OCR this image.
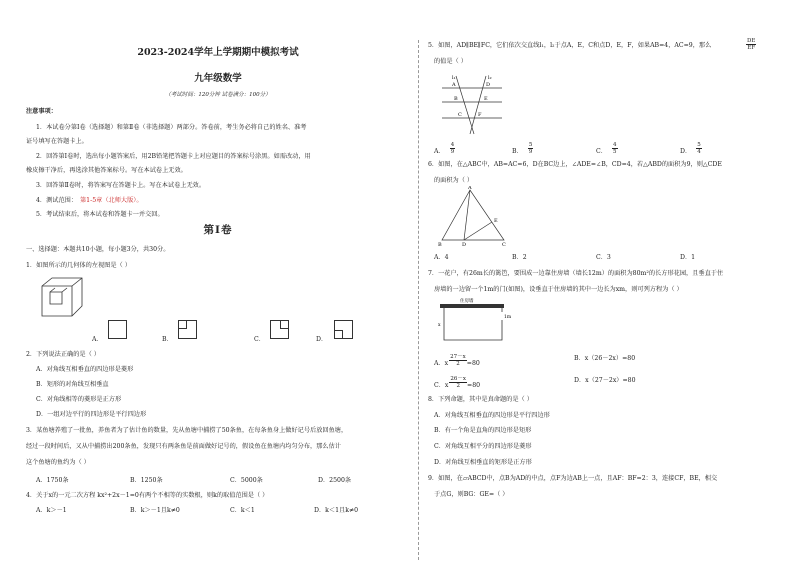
2023-2024学年上学期期中模拟考试
九年级数学
（考试时间：120分钟 试卷满分：100分）
注意事项：
1．本试卷分第Ⅰ卷（选择题）和第Ⅱ卷（非选择题）两部分。答卷前，考生务必将自己的姓名、准考
证号填写在答题卡上。
2．回答第Ⅰ卷时，选出每小题答案后，用2B铅笔把答题卡上对应题目的答案标号涂黑。如需改动，用
橡皮擦干净后，再选涂其他答案标号。写在本试卷上无效。
3．回答第Ⅱ卷时，将答案写在答题卡上。写在本试卷上无效。
4．测试范围： 第1-5章（北师大版）。
5．考试结束后，将本试卷和答题卡一并交回。
第Ⅰ卷
一、选择题：本题共10小题，每小题3分，共30分。
1．如图所示的几何体的左视图是（ ）
A．	B．	C．	D．
2．下列说法正确的是（ ）
A．对角线互相垂直的四边形是菱形
B．矩形的对角线互相垂直
C．对角线相等的菱形是正方形
D．一组对边平行的四边形是平行四边形
3．某鱼塘养殖了一批鱼，养鱼者为了估计鱼的数量，先从鱼塘中捕捞了50条鱼，在每条鱼身上做好记号后放回鱼塘，
经过一段时间后，又从中捕捞出200条鱼，发现只有两条鱼是前面做好记号的，假设鱼在鱼塘内均匀分布，那么估计
这个鱼塘的鱼约为（ ）
A．1750条	B．1250条	C．5000条	D．2500条
4．关于x的一元二次方程 kx²+2x－1=0有两个不相等的实数根，则k的取值范围是（ ）
A．k＞－1	B．k＞－1且k≠0	C．k＜1	D．k＜1且k≠0
5．如图，AD∥BE∥FC，它们依次交直线l₁，l₂于点A，E，C和点D，E，F，如果AB=4，AC=9，那么	$\frac{DE}{EF}$
的值是（ ）
l₁	l₂
A
B
C
D
E
F
A． $\frac{4}{9}$	B． $\frac{5}{9}$	C． $\frac{4}{5}$	D． $\frac{5}{4}$
6．如图，在△ABC中，AB=AC=6，D在BC边上，∠ADE=∠B，CD=4，若△ABD的面积为9，则△CDE
的面积为（ ）
A
B	D	C
E
A．4	B．2	C．3	D．1
7．一花户，有26m长的篱笆，要围成一边靠住房墙（墙长12m）的面积为80m²的长方形花园，且垂直于住
房墙的一边留一个1m的门(如图)，设垂直于住房墙的其中一边长为xm，则可列方程为（ ）
住房墙
x
1m
A．x $\frac{27-x}{2} =80$
B．x（26－2x）=80
C．x $\frac{26-x}{2} =80$
D．x（27－2x）=80
8．下列命题，其中是真命题的是（ ）
A．对角线互相垂直的四边形是平行四边形
B．有一个角是直角的四边形是矩形
C．对角线互相平分的四边形是菱形
D．对角线互相垂直的矩形是正方形
9．如图，在▱ABCD中，点B为AD的中点，点F为边AB上一点，且AF：BF=2：3，连接CF，BE，相交
于点G，则BG：GE=（ ）
